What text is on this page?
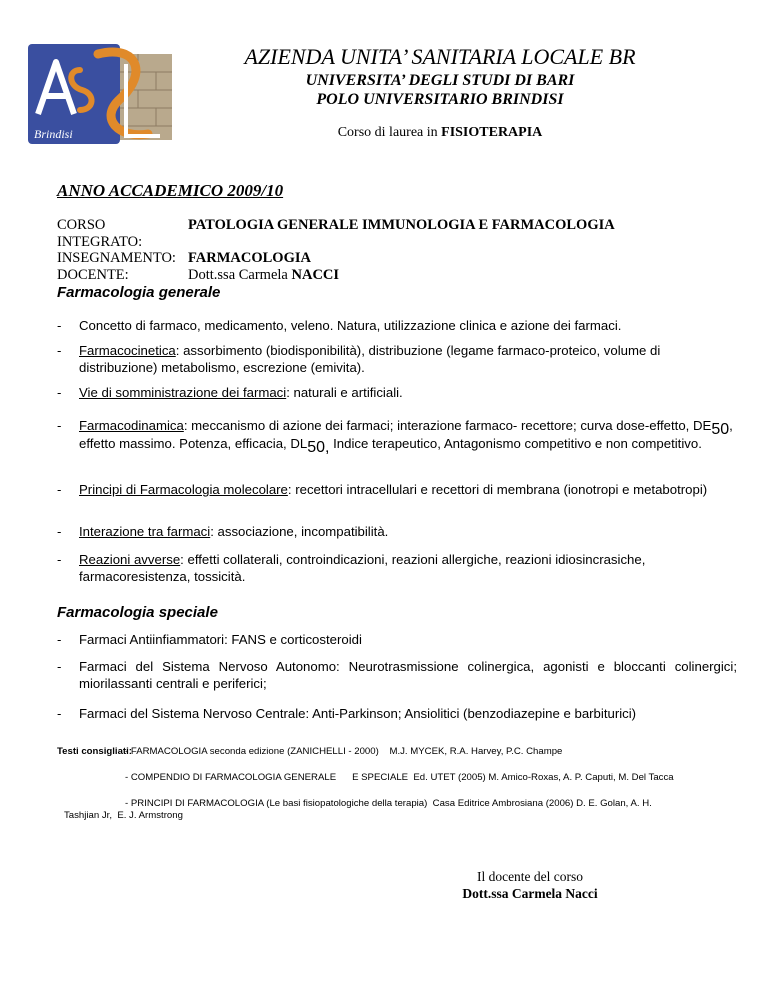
Brindisi
AZIENDA UNITA’ SANITARIA LOCALE BR
UNIVERSITA’ DEGLI STUDI DI BARI
POLO UNIVERSITARIO BRINDISI
Corso di laurea in FISIOTERAPIA
ANNO ACCADEMICO 2009/10
CORSO INTEGRATO:
PATOLOGIA GENERALE IMMUNOLOGIA E FARMACOLOGIA
INSEGNAMENTO: FARMACOLOGIA
DOCENTE:	Dott.ssa Carmela NACCI
Farmacologia generale
-	Concetto di farmaco, medicamento, veleno. Natura, utilizzazione clinica e azione dei farmaci.
-	Farmacocinetica: assorbimento (biodisponibilità), distribuzione (legame farmaco-proteico, volume di distribuzione) metabolismo, escrezione (emivita).
-	Vie di somministrazione dei farmaci: naturali e artificiali.
-	Farmacodinamica: meccanismo di azione dei farmaci; interazione farmaco- recettore; curva dose-effetto, $DE_{50}$, effetto massimo. Potenza, efficacia, $DL_{50,}$ Indice terapeutico, Antagonismo competitivo e non competitivo.
-	Principi di Farmacologia molecolare: recettori intracellulari e recettori di membrana (ionotropi e metabotropi)
-	Interazione tra farmaci: associazione, incompatibilità.
-	Reazioni avverse: effetti collaterali, controindicazioni, reazioni allergiche, reazioni idiosincrasiche, farmacoresistenza, tossicità.
Farmacologia speciale
-	Farmaci Antiinfiammatori: FANS e corticosteroidi
-	Farmaci del Sistema Nervoso Autonomo: Neurotrasmissione colinergica, agonisti e bloccanti colinergici; miorilassanti centrali e periferici;
-	Farmaci del Sistema Nervoso Centrale: Anti-Parkinson; Ansiolitici (benzodiazepine e barbiturici)
Testi consigliati:- FARMACOLOGIA seconda edizione (ZANICHELLI - 2000)    M.J. MYCEK, R.A. Harvey, P.C. Champe
- COMPENDIO DI FARMACOLOGIA GENERALE      E SPECIALE  Ed. UTET (2005) M. Amico-Roxas, A. P. Caputi, M. Del Tacca
- PRINCIPI DI FARMACOLOGIA (Le basi fisiopatologiche della terapia)  Casa Editrice Ambrosiana (2006) D. E. Golan, A. H.
Tashjian Jr,  E. J. Armstrong
Il docente del corso
Dott.ssa Carmela Nacci
